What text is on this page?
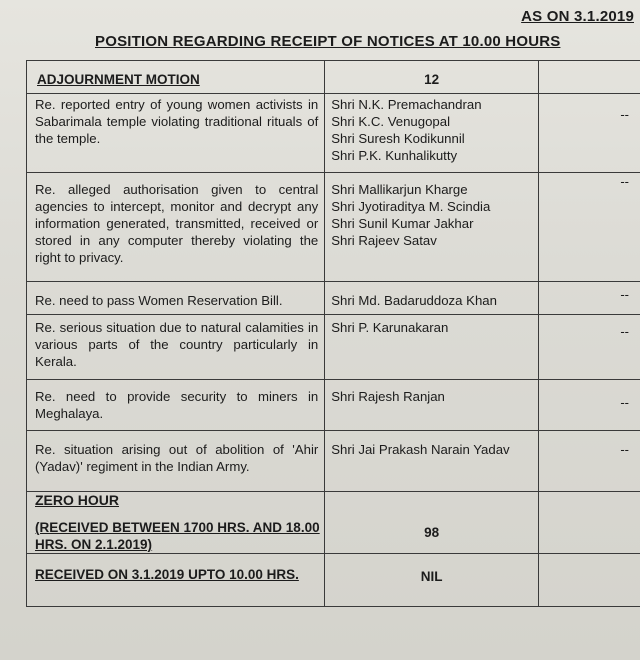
AS ON 3.1.2019
POSITION REGARDING RECEIPT OF NOTICES AT 10.00 HOURS
ADJOURNMENT MOTION	12	
Re. reported entry of young women activists in Sabarimala temple violating traditional rituals of the temple.	Shri N.K. Premachandran
Shri K.C. Venugopal
Shri Suresh Kodikunnil
Shri P.K. Kunhalikutty	--
Re. alleged authorisation given to central agencies to intercept, monitor and decrypt any information generated, transmitted, received or stored in any computer thereby violating the right to privacy.	Shri Mallikarjun Kharge
Shri Jyotiraditya M. Scindia
Shri Sunil Kumar Jakhar
Shri Rajeev Satav	--
Re. need to pass Women Reservation Bill.	Shri Md. Badaruddoza Khan	--
Re. serious situation due to natural calamities in various parts of the country particularly in Kerala.	Shri P. Karunakaran	--
Re. need to provide security to miners in Meghalaya.	Shri Rajesh Ranjan	--
Re. situation arising out of abolition of 'Ahir (Yadav)' regiment in the Indian Army.	Shri Jai Prakash Narain Yadav	--
ZERO HOUR
(RECEIVED BETWEEN 1700 HRS. AND 18.00 HRS. ON 2.1.2019)	98	
RECEIVED ON 3.1.2019 UPTO 10.00 HRS.	NIL	
